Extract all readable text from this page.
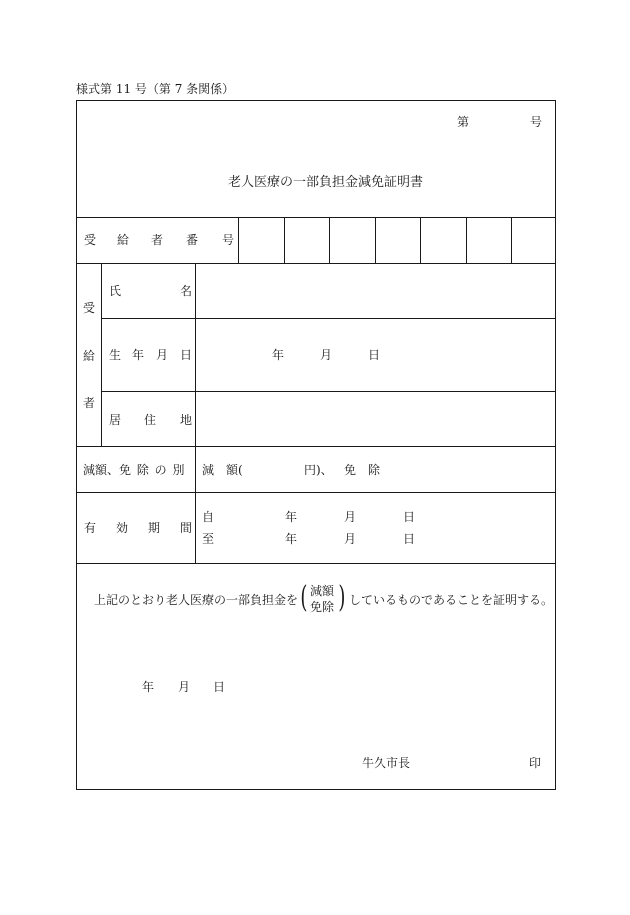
様式第 11 号（第 7 条関係）
第	号
老人医療の一部負担金減免証明書
受 給 者 番 号
受
給
者
氏	名
生 年 月 日	年	月	日
居 住 地
減額、免 除 の 別 減　額(	円)、 免　除
有 効 期 間
自	年	月	日
至	年	月	日
上記のとおり老人医療の一部負担金を ( 減額
免除 ) しているものであることを証明する。
年 月 日
牛久市長	印
